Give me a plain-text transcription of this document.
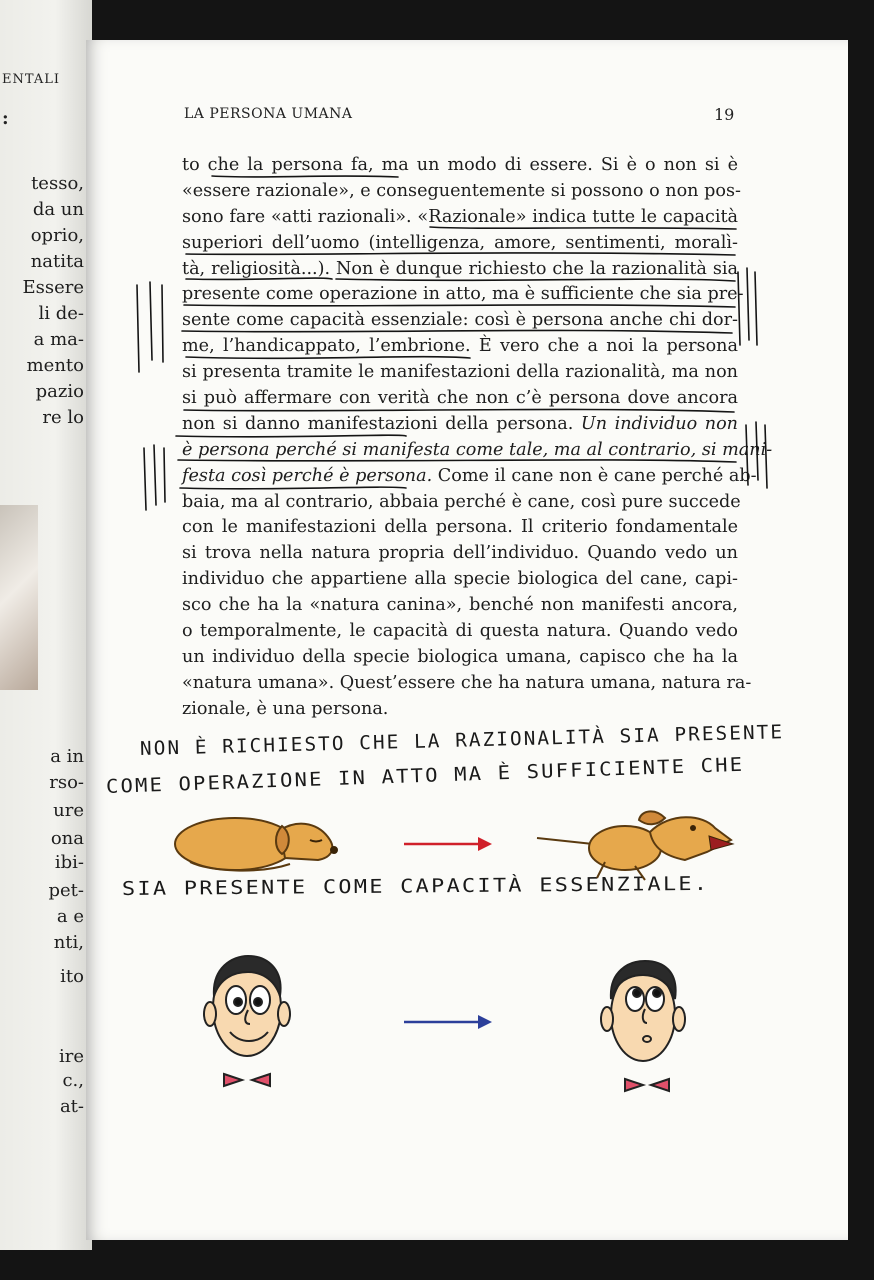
ENTALI
:
tesso,
da un
oprio,
natita
Essere
li de-
a ma-
mento
pazio
re lo
a in
rso-
ure
ona
ibi-
pet-
a e
nti,
ito
ire
c.,
at-
LA PERSONA UMANA	19
to che la persona fa, ma un modo di essere. Si è o non si è
«essere razionale», e conseguentemente si possono o non pos-
sono fare «atti razionali». «Razionale» indica tutte le capacità
superiori dell’uomo (intelligenza, amore, sentimenti, moralì-
tà, religiosità...). Non è dunque richiesto che la razionalità sia
presente come operazione in atto, ma è sufficiente che sia pre-
sente come capacità essenziale: così è persona anche chi dor-
me, l’handicappato, l’embrione. È vero che a noi la persona
si presenta tramite le manifestazioni della razionalità, ma non
si può affermare con verità che non c’è persona dove ancora
non si danno manifestazioni della persona. Un individuo non
è persona perché si manifesta come tale, ma al contrario, si mani-
festa così perché è persona. Come il cane non è cane perché ab-
baia, ma al contrario, abbaia perché è cane, così pure succede
con le manifestazioni della persona. Il criterio fondamentale
si trova nella natura propria dell’individuo. Quando vedo un
individuo che appartiene alla specie biologica del cane, capi-
sco che ha la «natura canina», benché non manifesti ancora,
o temporalmente, le capacità di questa natura. Quando vedo
un individuo della specie biologica umana, capisco che ha la
«natura umana». Quest’essere che ha natura umana, natura ra-
zionale, è una persona.
NON È RICHIESTO CHE LA RAZIONALITÀ SIA PRESENTE
COME OPERAZIONE IN ATTO MA È SUFFICIENTE CHE
SIA PRESENTE COME CAPACITÀ ESSENZIALE.
